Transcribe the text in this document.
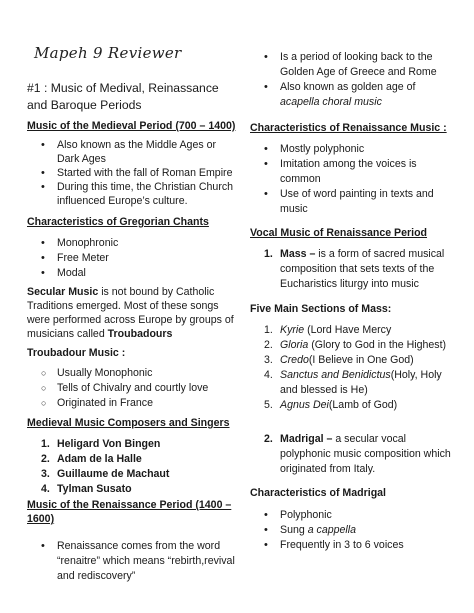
Mapeh 9 Reviewer
#1 : Music of Medival, Reinassance and Baroque Periods
Music of the Medieval Period (700 – 1400)
• Also known as the Middle Ages or Dark Ages
• Started with the fall of Roman Empire
• During this time, the Christian Church influenced Europe’s culture.
Characteristics of Gregorian Chants
• Monophronic
• Free Meter
• Modal

Secular Music is not bound by Catholic Traditions emerged. Most of these songs were performed across Europe by groups of musicians called Troubadours

Troubadour Music :
○ Usually Monophonic
○ Tells of Chivalry and courtly love
○ Originated in France
Medieval Music Composers and Singers
1. Heligard Von Bingen
2. Adam de la Halle
3. Guillaume de Machaut
4. Tylman Susato
Music of the Renaissance Period (1400 – 1600)
• Renaissance comes from the word “renaitre” which means “rebirth,revival and rediscovery”
• Is a period of looking back to the Golden Age of Greece and Rome
• Also known as golden age of acapella choral music
Characteristics of Renaissance Music :
• Mostly polyphonic
• Imitation among the voices is common
• Use of word painting in texts and music
Vocal Music of Renaissance Period
1. Mass – is a form of sacred musical composition that sets texts of the Eucharistics liturgy into music
Five Main Sections of Mass:
1. Kyrie (Lord Have Mercy
2. Gloria (Glory to God in the Highest)
3. Credo(I Believe in One God)
4. Sanctus and Benidictus(Holy, Holy and blessed is He)
5. Agnus Dei(Lamb of God)
2. Madrigal – a secular vocal polyphonic music composition which originated from Italy.
Characteristics of Madrigal
• Polyphonic
• Sung a cappella
• Frequently in 3 to 6 voices
